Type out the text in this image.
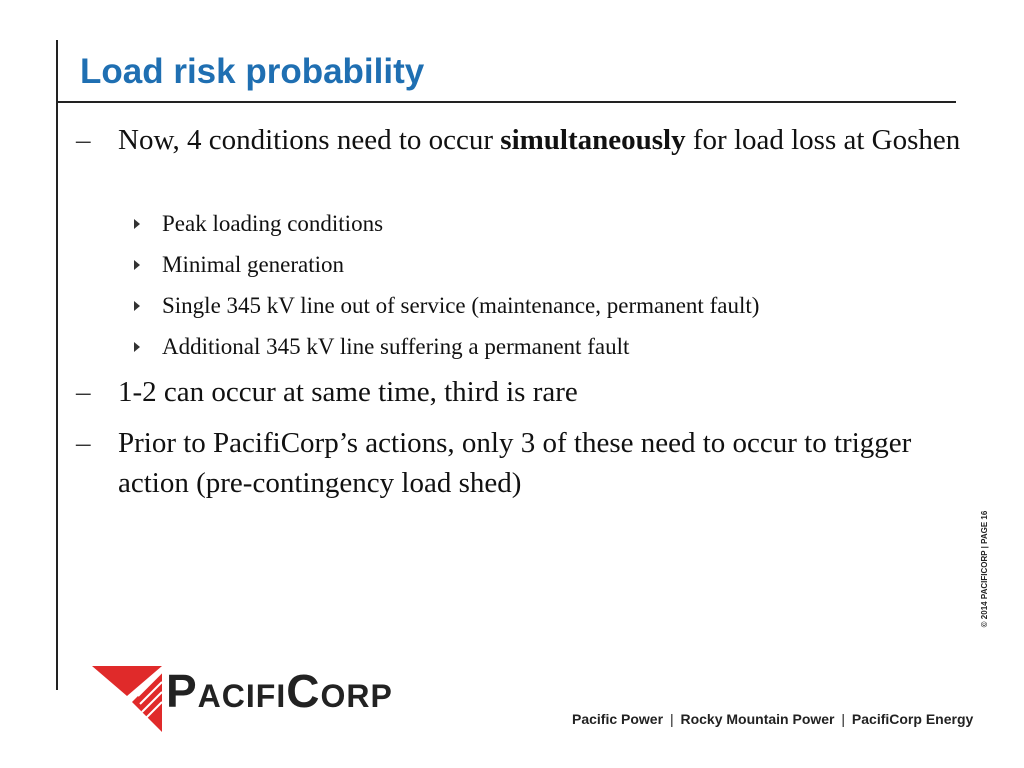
Load risk probability
– Now, 4 conditions need to occur simultaneously for load loss at Goshen
Peak loading conditions
Minimal generation
Single 345 kV line out of service (maintenance, permanent fault)
Additional 345 kV line suffering a permanent fault
– 1-2 can occur at same time, third is rare
– Prior to PacifiCorp’s actions, only 3 of these need to occur to trigger action (pre-contingency load shed)
© 2014 PACIFICORP | PAGE 16
PacifiCorp
Pacific Power | Rocky Mountain Power | PacifiCorp Energy
